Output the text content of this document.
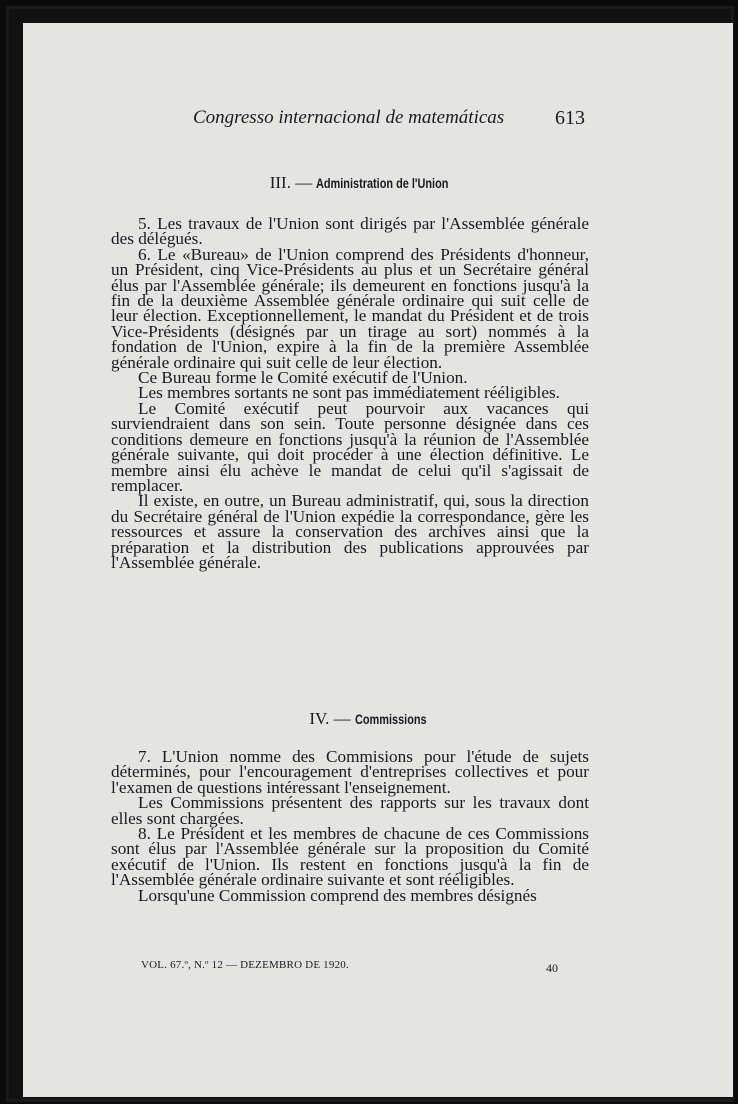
Congresso internacional de matemáticas	613
III. — Administration de l'Union

5. Les travaux de l'Union sont dirigés par l'Assemblée générale des délégués.

6. Le «Bureau» de l'Union comprend des Présidents d'honneur, un Président, cinq Vice-Présidents au plus et un Secrétaire général élus par l'Assemblée générale; ils demeurent en fonctions jusqu'à la fin de la deuxième Assemblée générale ordinaire qui suit celle de leur élection. Exceptionnellement, le mandat du Président et de trois Vice-Présidents (désignés par un tirage au sort) nommés à la fondation de l'Union, expire à la fin de la première Assemblée générale ordinaire qui suit celle de leur élection.

Ce Bureau forme le Comité exécutif de l'Union.

Les membres sortants ne sont pas immédiatement rééligibles.

Le Comité exécutif peut pourvoir aux vacances qui surviendraient dans son sein. Toute personne désignée dans ces conditions demeure en fonctions jusqu'à la réunion de l'Assemblée générale suivante, qui doit procéder à une élection définitive. Le membre ainsi élu achève le mandat de celui qu'il s'agissait de remplacer.

Il existe, en outre, un Bureau administratif, qui, sous la direction du Secrétaire général de l'Union expédie la correspondance, gère les ressources et assure la conservation des archives ainsi que la préparation et la distribution des publications approuvées par l'Assemblée générale.

IV. — Commissions

7. L'Union nomme des Commisions pour l'étude de sujets déterminés, pour l'encouragement d'entreprises collectives et pour l'examen de questions intéressant l'enseignement.

Les Commissions présentent des rapports sur les travaux dont elles sont chargées.

8. Le Président et les membres de chacune de ces Commissions sont élus par l'Assemblée générale sur la proposition du Comité exécutif de l'Union. Ils restent en fonctions jusqu'à la fin de l'Assemblée générale ordinaire suivante et sont rééligibles.

Lorsqu'une Commission comprend des membres désignés

VOL. 67.º, N.º 12 — DEZEMBRO DE 1920.	40
